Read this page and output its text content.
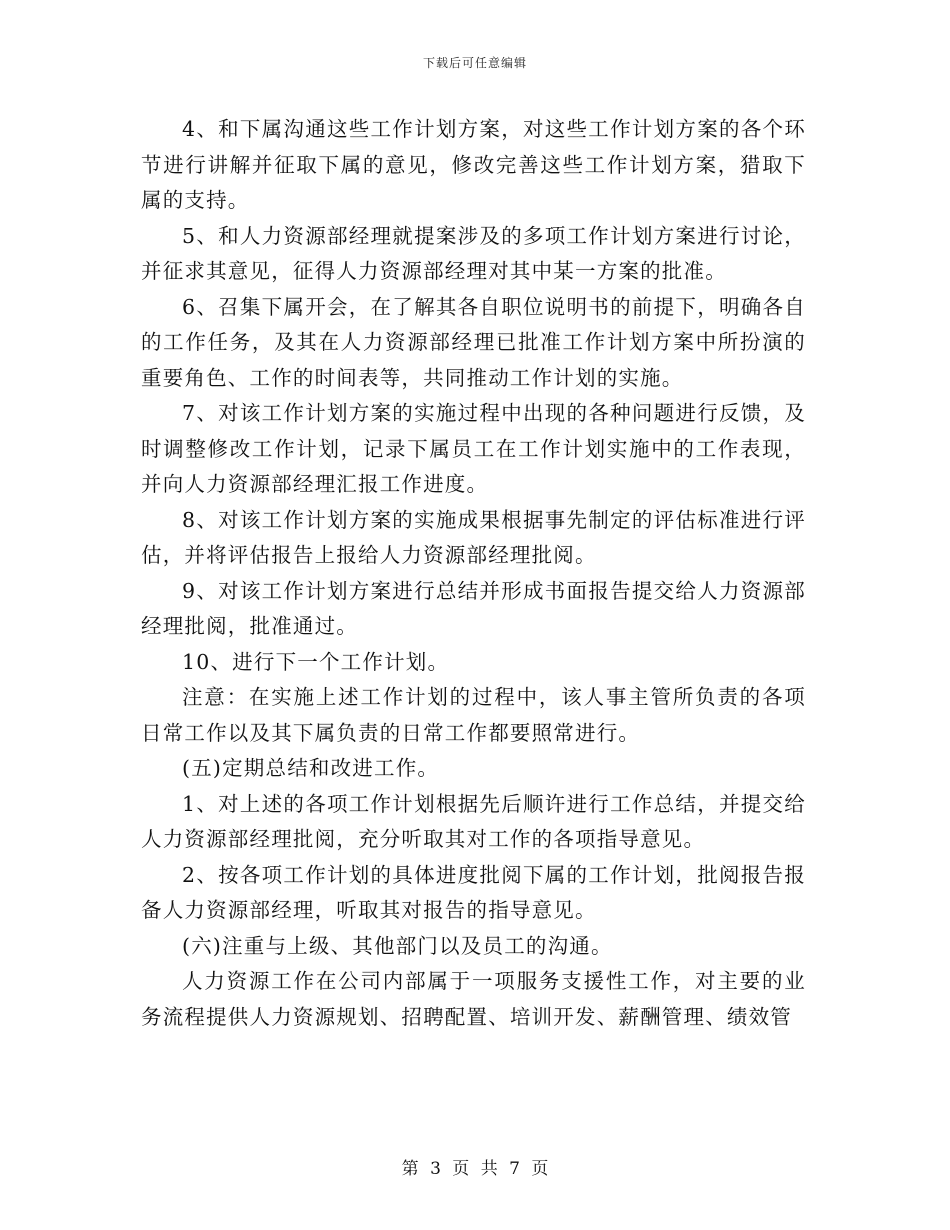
下载后可任意编辑

4、和下属沟通这些工作计划方案，对这些工作计划方案的各个环节进行讲解并征取下属的意见，修改完善这些工作计划方案，猎取下属的支持。

5、和人力资源部经理就提案涉及的多项工作计划方案进行讨论，并征求其意见，征得人力资源部经理对其中某一方案的批准。

6、召集下属开会，在了解其各自职位说明书的前提下，明确各自的工作任务，及其在人力资源部经理已批准工作计划方案中所扮演的重要角色、工作的时间表等，共同推动工作计划的实施。

7、对该工作计划方案的实施过程中出现的各种问题进行反馈，及时调整修改工作计划，记录下属员工在工作计划实施中的工作表现，并向人力资源部经理汇报工作进度。

8、对该工作计划方案的实施成果根据事先制定的评估标准进行评估，并将评估报告上报给人力资源部经理批阅。

9、对该工作计划方案进行总结并形成书面报告提交给人力资源部经理批阅，批准通过。

10、进行下一个工作计划。

注意：在实施上述工作计划的过程中，该人事主管所负责的各项日常工作以及其下属负责的日常工作都要照常进行。

(五)定期总结和改进工作。

1、对上述的各项工作计划根据先后顺许进行工作总结，并提交给人力资源部经理批阅，充分听取其对工作的各项指导意见。

2、按各项工作计划的具体进度批阅下属的工作计划，批阅报告报备人力资源部经理，听取其对报告的指导意见。

(六)注重与上级、其他部门以及员工的沟通。

人力资源工作在公司内部属于一项服务支援性工作，对主要的业务流程提供人力资源规划、招聘配置、培训开发、薪酬管理、绩效管

第 3 页 共 7 页
